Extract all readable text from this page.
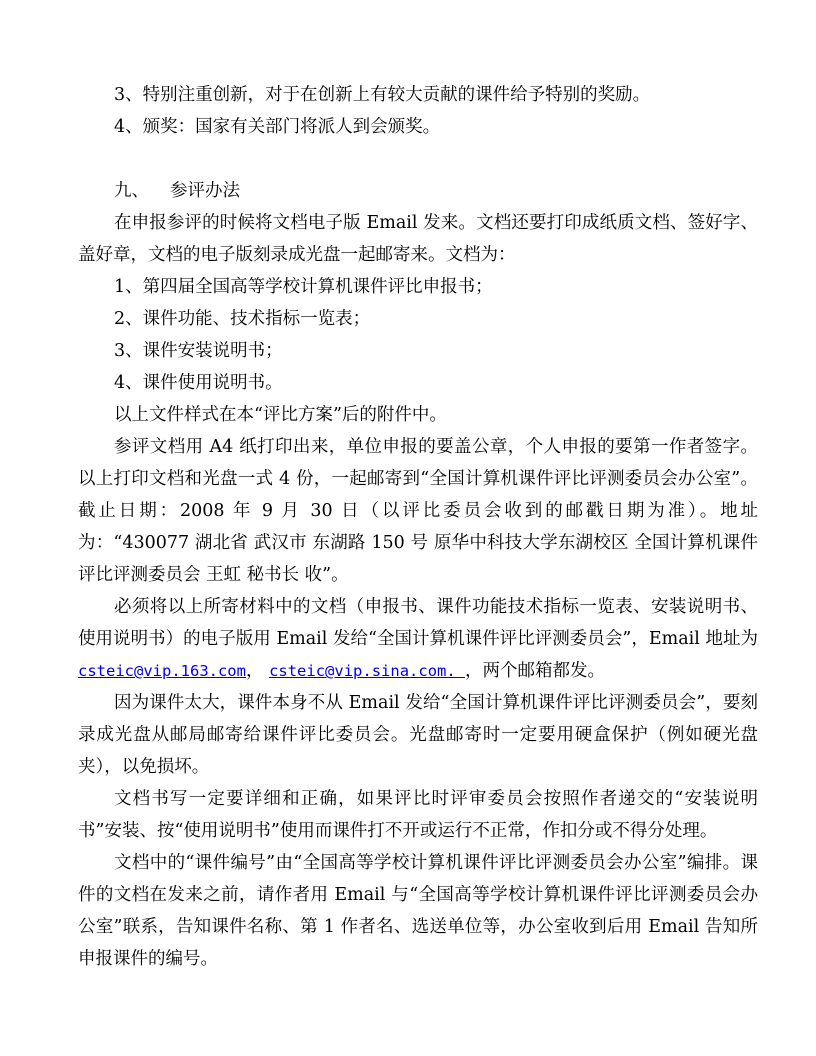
3、特别注重创新，对于在创新上有较大贡献的课件给予特别的奖励。

4、颁奖：国家有关部门将派人到会颁奖。

九、 参评办法

在申报参评的时候将文档电子版 Email 发来。文档还要打印成纸质文档、签好字、盖好章，文档的电子版刻录成光盘一起邮寄来。文档为：

1、第四届全国高等学校计算机课件评比申报书；

2、课件功能、技术指标一览表；

3、课件安装说明书；

4、课件使用说明书。

以上文件样式在本“评比方案”后的附件中。

参评文档用 A4 纸打印出来，单位申报的要盖公章，个人申报的要第一作者签字。以上打印文档和光盘一式 4 份，一起邮寄到“全国计算机课件评比评测委员会办公室”。截止日期：2008 年 9 月 30 日（以评比委员会收到的邮戳日期为准）。地址为：“430077 湖北省 武汉市 东湖路 150 号 原华中科技大学东湖校区 全国计算机课件评比评测委员会 王虹 秘书长 收”。

必须将以上所寄材料中的文档（申报书、课件功能技术指标一览表、安装说明书、使用说明书）的电子版用 Email 发给“全国计算机课件评比评测委员会”，Email 地址为 csteic@vip.163.com， csteic@vip.sina.com. ，两个邮箱都发。

因为课件太大，课件本身不从 Email 发给“全国计算机课件评比评测委员会”，要刻录成光盘从邮局邮寄给课件评比委员会。光盘邮寄时一定要用硬盒保护（例如硬光盘夹），以免损坏。

文档书写一定要详细和正确，如果评比时评审委员会按照作者递交的“安装说明书”安装、按“使用说明书”使用而课件打不开或运行不正常，作扣分或不得分处理。

文档中的“课件编号”由“全国高等学校计算机课件评比评测委员会办公室”编排。课件的文档在发来之前，请作者用 Email 与“全国高等学校计算机课件评比评测委员会办公室”联系，告知课件名称、第 1 作者名、选送单位等，办公室收到后用 Email 告知所申报课件的编号。
